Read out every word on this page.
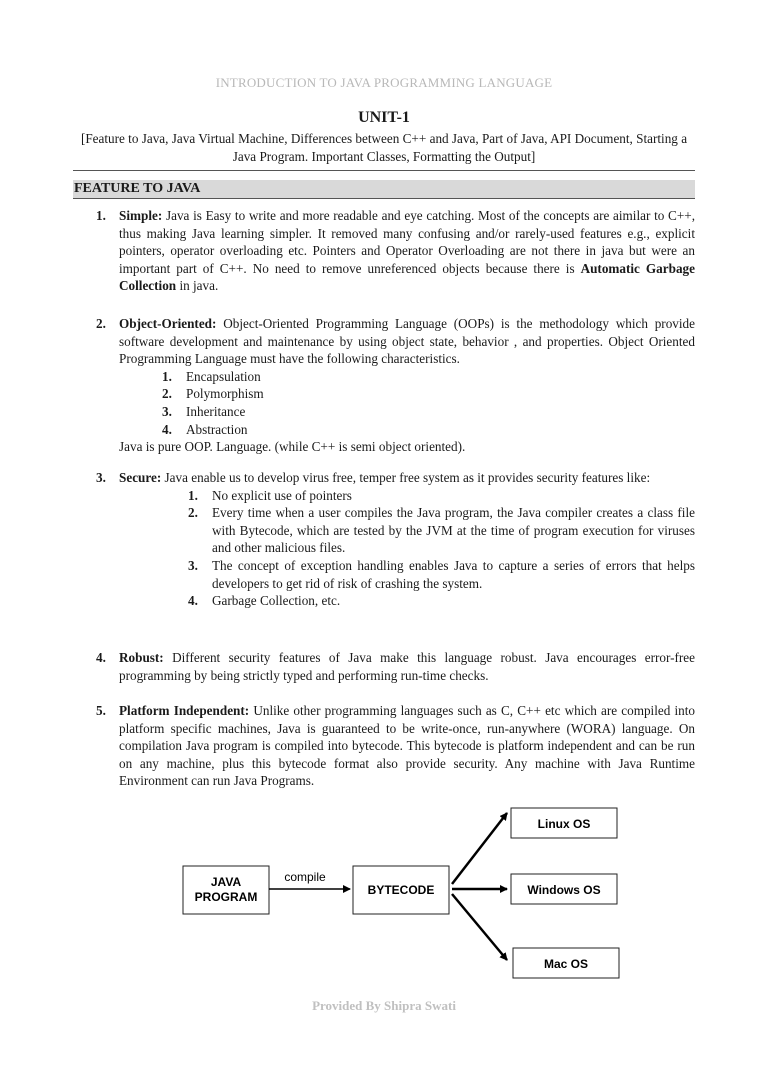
INTRODUCTION TO JAVA PROGRAMMING LANGUAGE
UNIT-1
[Feature to Java, Java Virtual Machine, Differences between C++ and Java, Part of Java, API Document, Starting a Java Program. Important Classes, Formatting the Output]
FEATURE TO JAVA
1. Simple: Java is Easy to write and more readable and eye catching. Most of the concepts are aimilar to C++, thus making Java learning simpler. It removed many confusing and/or rarely-used features e.g., explicit pointers, operator overloading etc. Pointers and Operator Overloading are not there in java but were an important part of C++. No need to remove unreferenced objects because there is Automatic Garbage Collection in java.
2. Object-Oriented: Object-Oriented Programming Language (OOPs) is the methodology which provide software development and maintenance by using object state, behavior , and properties. Object Oriented Programming Language must have the following characteristics.
1. Encapsulation
2. Polymorphism
3. Inheritance
4. Abstraction
Java is pure OOP. Language. (while C++ is semi object oriented).
3. Secure: Java enable us to develop virus free, temper free system as it provides security features like:
1. No explicit use of pointers
2. Every time when a user compiles the Java program, the Java compiler creates a class file with Bytecode, which are tested by the JVM at the time of program execution for viruses and other malicious files.
3. The concept of exception handling enables Java to capture a series of errors that helps developers to get rid of risk of crashing the system.
4. Garbage Collection, etc.
4. Robust: Different security features of Java make this language robust. Java encourages error-free programming by being strictly typed and performing run-time checks.
5. Platform Independent: Unlike other programming languages such as C, C++ etc which are compiled into platform specific machines, Java is guaranteed to be write-once, run-anywhere (WORA) language. On compilation Java program is compiled into bytecode. This bytecode is platform independent and can be run on any machine, plus this bytecode format also provide security. Any machine with Java Runtime Environment can run Java Programs.
JAVA
PROGRAM
compile
BYTECODE
Linux OS
Windows OS
Mac OS
Provided By Shipra Swati
